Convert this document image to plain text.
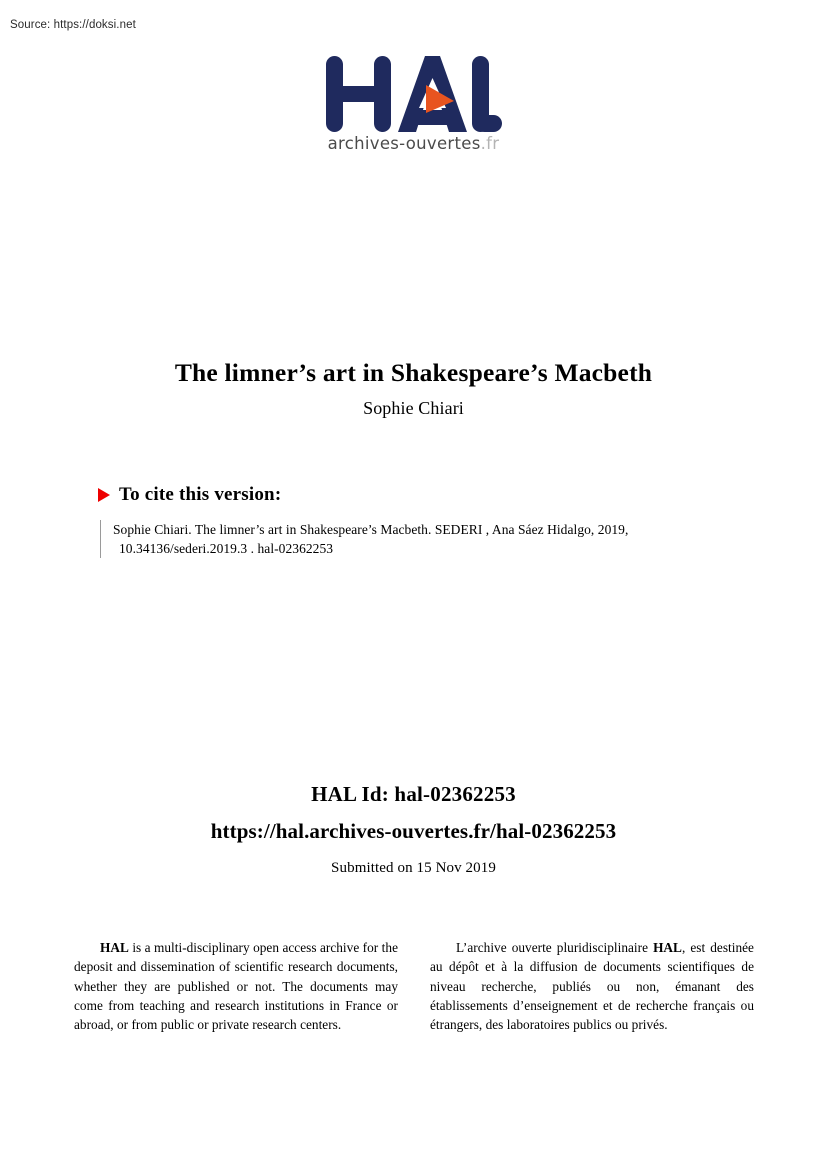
Source: https://doksi.net
archives-ouvertes.fr
The limner’s art in Shakespeare’s Macbeth
Sophie Chiari
To cite this version:
Sophie Chiari. The limner’s art in Shakespeare’s Macbeth. SEDERI , Ana Sáez Hidalgo, 2019,
10.34136/sederi.2019.3 . hal-02362253
HAL Id: hal-02362253
https://hal.archives-ouvertes.fr/hal-02362253
Submitted on 15 Nov 2019

HAL is a multi-disciplinary open access archive for the deposit and dissemination of scientific research documents, whether they are published or not. The documents may come from teaching and research institutions in France or abroad, or from public or private research centers.

L’archive ouverte pluridisciplinaire HAL, est destinée au dépôt et à la diffusion de documents scientifiques de niveau recherche, publiés ou non, émanant des établissements d’enseignement et de recherche français ou étrangers, des laboratoires publics ou privés.
